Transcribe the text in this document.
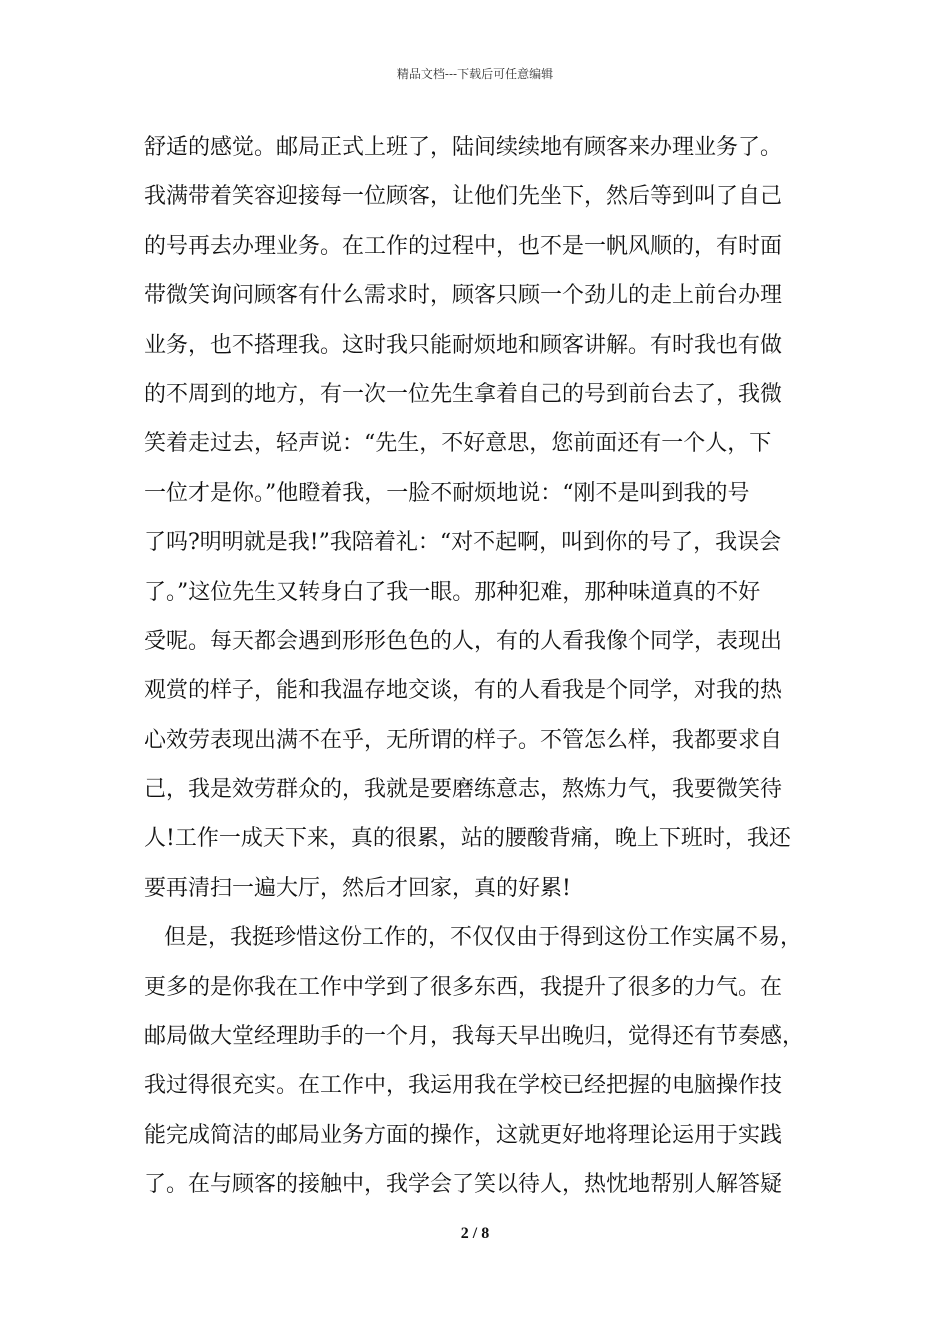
精品文档---下载后可任意编辑
舒适的感觉。邮局正式上班了，陆间续续地有顾客来办理业务了。
我满带着笑容迎接每一位顾客，让他们先坐下，然后等到叫了自己
的号再去办理业务。在工作的过程中，也不是一帆风顺的，有时面
带微笑询问顾客有什么需求时，顾客只顾一个劲儿的走上前台办理
业务，也不搭理我。这时我只能耐烦地和顾客讲解。有时我也有做
的不周到的地方，有一次一位先生拿着自己的号到前台去了，我微
笑着走过去，轻声说：“先生，不好意思，您前面还有一个人，下
一位才是你。”他瞪着我，一脸不耐烦地说：“刚不是叫到我的号
了吗?明明就是我!”我陪着礼：“对不起啊，叫到你的号了，我误会
了。”这位先生又转身白了我一眼。那种犯难，那种味道真的不好
受呢。每天都会遇到形形色色的人，有的人看我像个同学，表现出
观赏的样子，能和我温存地交谈，有的人看我是个同学，对我的热
心效劳表现出满不在乎，无所谓的样子。不管怎么样，我都要求自
己，我是效劳群众的，我就是要磨练意志，熬炼力气，我要微笑待
人!工作一成天下来，真的很累，站的腰酸背痛，晚上下班时，我还
要再清扫一遍大厅，然后才回家，真的好累!
但是，我挺珍惜这份工作的，不仅仅由于得到这份工作实属不易，
更多的是你我在工作中学到了很多东西，我提升了很多的力气。在
邮局做大堂经理助手的一个月，我每天早出晚归，觉得还有节奏感，
我过得很充实。在工作中，我运用我在学校已经把握的电脑操作技
能完成简洁的邮局业务方面的操作，这就更好地将理论运用于实践
了。在与顾客的接触中，我学会了笑以待人，热忱地帮别人解答疑
2 / 8
